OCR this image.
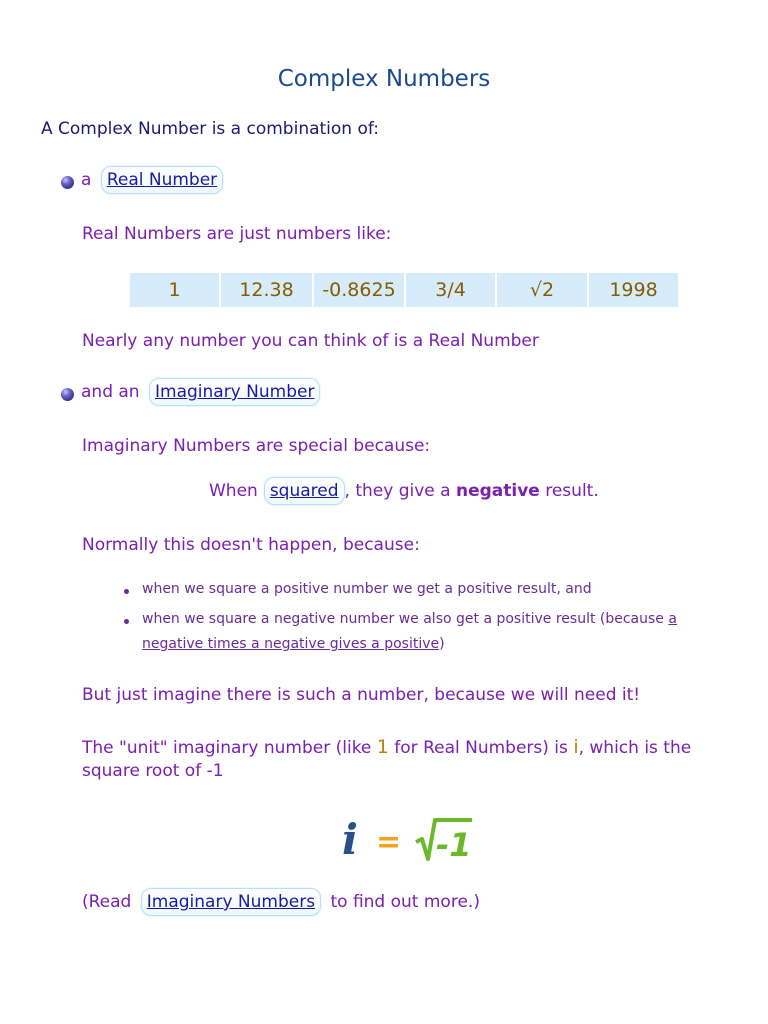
Complex Numbers
A Complex Number is a combination of:
a Real Number
Real Numbers are just numbers like:
1	12.38	-0.8625	3/4	√2	1998
Nearly any number you can think of is a Real Number
and an Imaginary Number
Imaginary Numbers are special because:
When squared , they give a negative result.
Normally this doesn't happen, because:
when we square a positive number we get a positive result, and
when we square a negative number we also get a positive result (because a
negative times a negative gives a positive)
But just imagine there is such a number, because we will need it!
The "unit" imaginary number (like 1 for Real Numbers) is i, which is the
square root of -1
i = -1
(Read Imaginary Numbers to find out more.)
